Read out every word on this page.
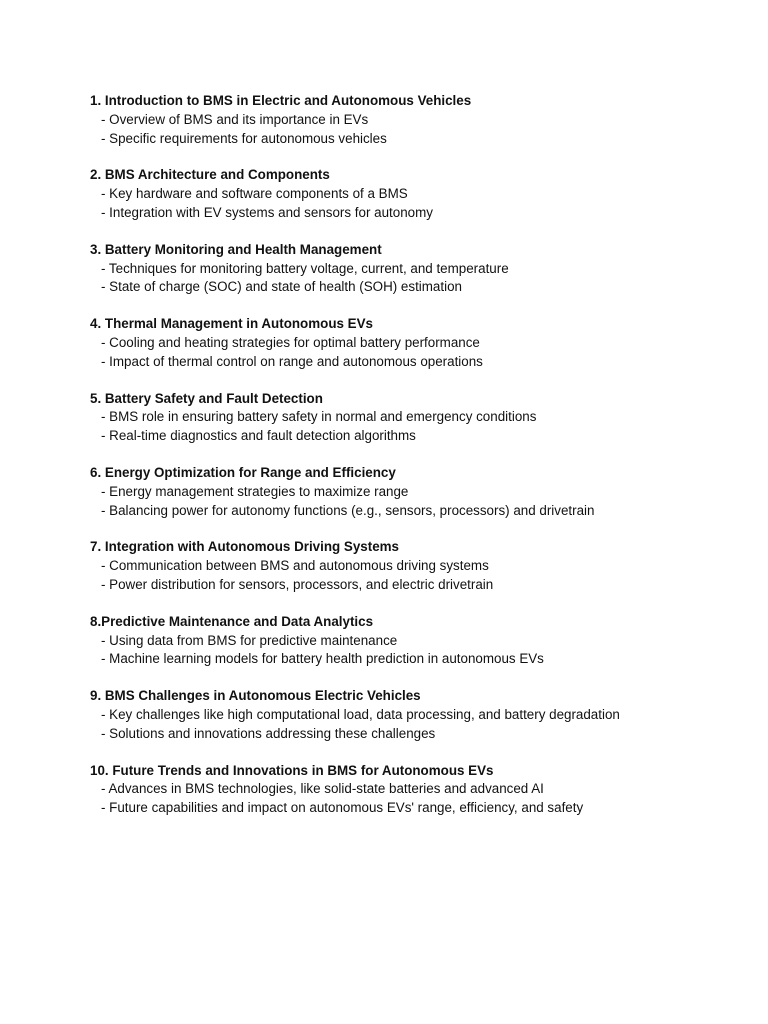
1. Introduction to BMS in Electric and Autonomous Vehicles
- Overview of BMS and its importance in EVs
- Specific requirements for autonomous vehicles
2. BMS Architecture and Components
- Key hardware and software components of a BMS
- Integration with EV systems and sensors for autonomy
3. Battery Monitoring and Health Management
- Techniques for monitoring battery voltage, current, and temperature
- State of charge (SOC) and state of health (SOH) estimation
4. Thermal Management in Autonomous EVs
- Cooling and heating strategies for optimal battery performance
- Impact of thermal control on range and autonomous operations
5. Battery Safety and Fault Detection
- BMS role in ensuring battery safety in normal and emergency conditions
- Real-time diagnostics and fault detection algorithms
6. Energy Optimization for Range and Efficiency
- Energy management strategies to maximize range
- Balancing power for autonomy functions (e.g., sensors, processors) and drivetrain
7. Integration with Autonomous Driving Systems
- Communication between BMS and autonomous driving systems
- Power distribution for sensors, processors, and electric drivetrain
8.Predictive Maintenance and Data Analytics
- Using data from BMS for predictive maintenance
- Machine learning models for battery health prediction in autonomous EVs
9. BMS Challenges in Autonomous Electric Vehicles
- Key challenges like high computational load, data processing, and battery degradation
- Solutions and innovations addressing these challenges
10. Future Trends and Innovations in BMS for Autonomous EVs
- Advances in BMS technologies, like solid-state batteries and advanced AI
- Future capabilities and impact on autonomous EVs' range, efficiency, and safety
